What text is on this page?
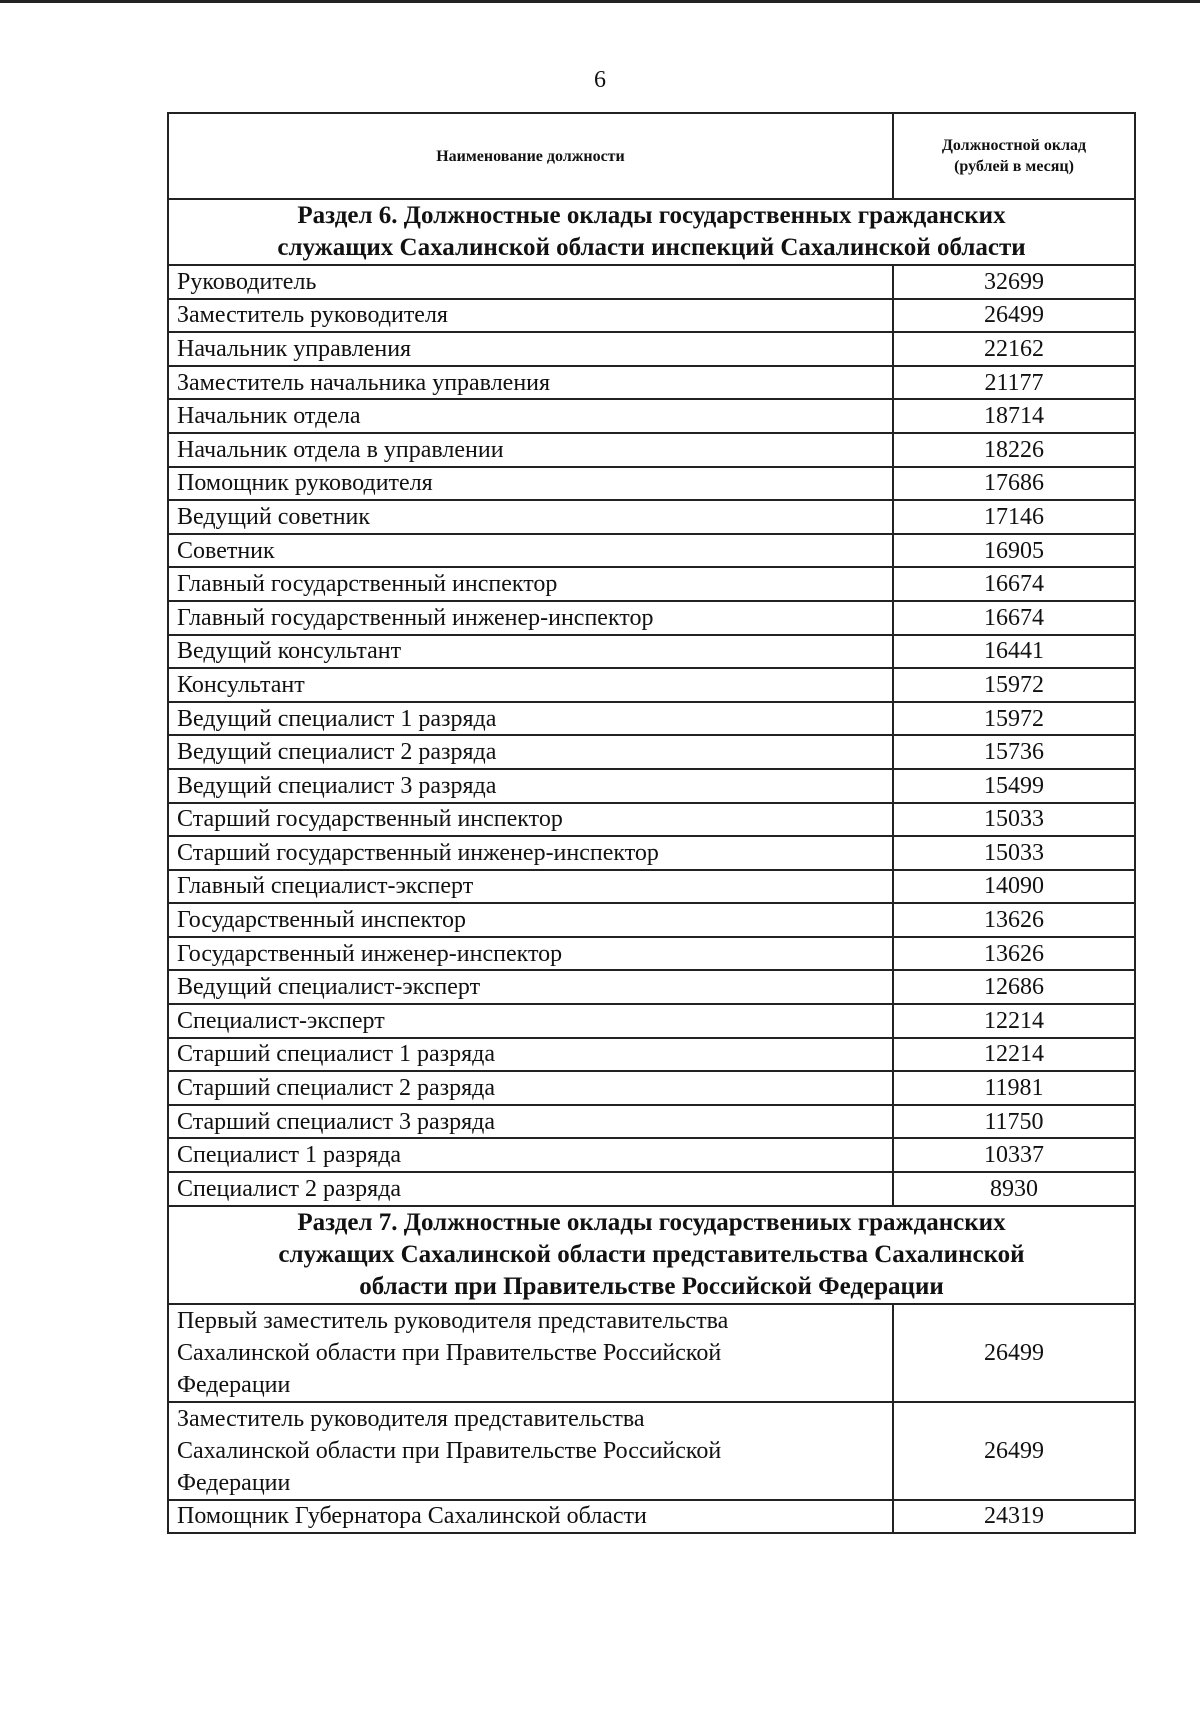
6
Наименование должности	Должностной оклад
(рублей в месяц)
Раздел 6. Должностные оклады государственных гражданских
служащих Сахалинской области инспекций Сахалинской области	
Руководитель	32699
Заместитель руководителя	26499
Начальник управления	22162
Заместитель начальника управления	21177
Начальник отдела	18714
Начальник отдела в управлении	18226
Помощник руководителя	17686
Ведущий советник	17146
Советник	16905
Главный государственный инспектор	16674
Главный государственный инженер-инспектор	16674
Ведущий консультант	16441
Консультант	15972
Ведущий специалист 1 разряда	15972
Ведущий специалист 2 разряда	15736
Ведущий специалист 3 разряда	15499
Старший государственный инспектор	15033
Старший государственный инженер-инспектор	15033
Главный специалист-эксперт	14090
Государственный инспектор	13626
Государственный инженер-инспектор	13626
Ведущий специалист-эксперт	12686
Специалист-эксперт	12214
Старший специалист 1 разряда	12214
Старший специалист 2 разряда	11981
Старший специалист 3 разряда	11750
Специалист 1 разряда	10337
Специалист 2 разряда	8930
Раздел 7. Должностные оклады государствениых гражданских
служащих Сахалинской области представительства Сахалинской
области при Правительстве Российской Федерации	
Первый заместитель руководителя представительства
Сахалинской области при Правительстве Российской
Федерации	26499
Заместитель руководителя представительства
Сахалинской области при Правительстве Российской
Федерации	26499
Помощник Губернатора Сахалинской области	24319
